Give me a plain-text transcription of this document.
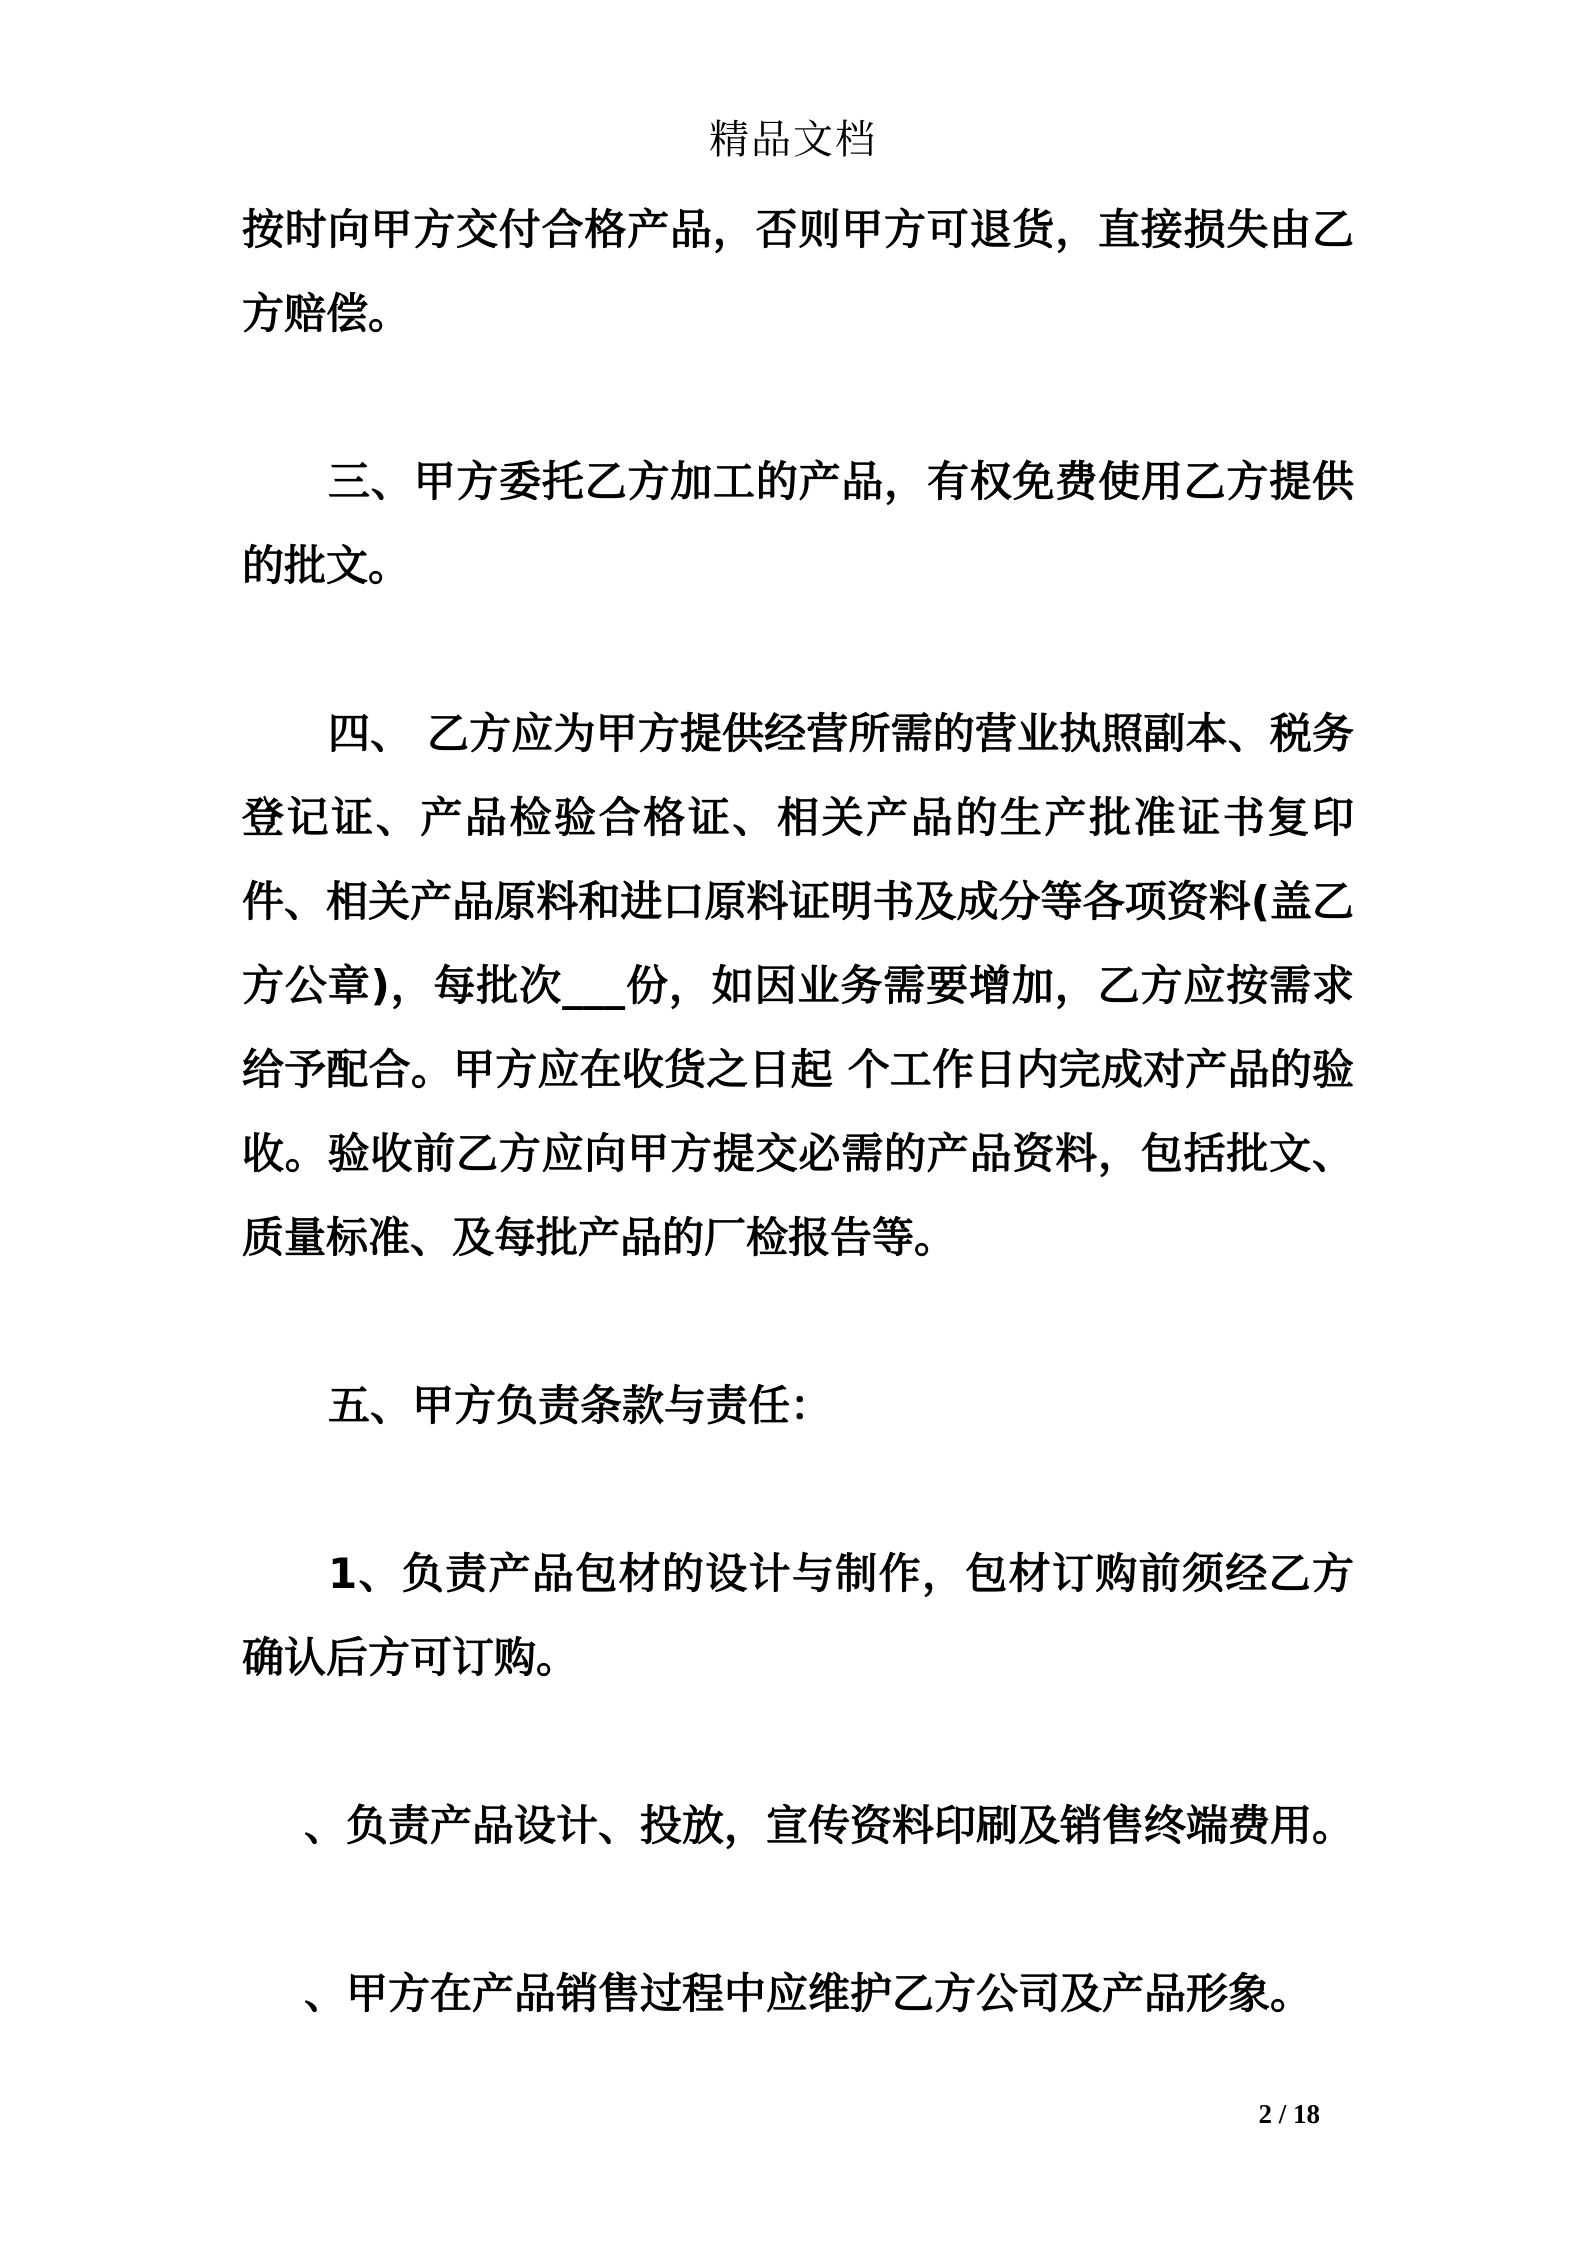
精品文档

按时向甲方交付合格产品，否则甲方可退货，直接损失由乙方赔偿。

三、甲方委托乙方加工的产品，有权免费使用乙方提供的批文。

四、 乙方应为甲方提供经营所需的营业执照副本、税务登记证、产品检验合格证、相关产品的生产批准证书复印件、相关产品原料和进口原料证明书及成分等各项资料(盖乙方公章)，每批次___份，如因业务需要增加，乙方应按需求给予配合。甲方应在收货之日起 个工作日内完成对产品的验收。验收前乙方应向甲方提交必需的产品资料，包括批文、质量标准、及每批产品的厂检报告等。

五、甲方负责条款与责任：

1、负责产品包材的设计与制作，包材订购前须经乙方确认后方可订购。

、负责产品设计、投放，宣传资料印刷及销售终端费用。

、甲方在产品销售过程中应维护乙方公司及产品形象。

2 / 18
